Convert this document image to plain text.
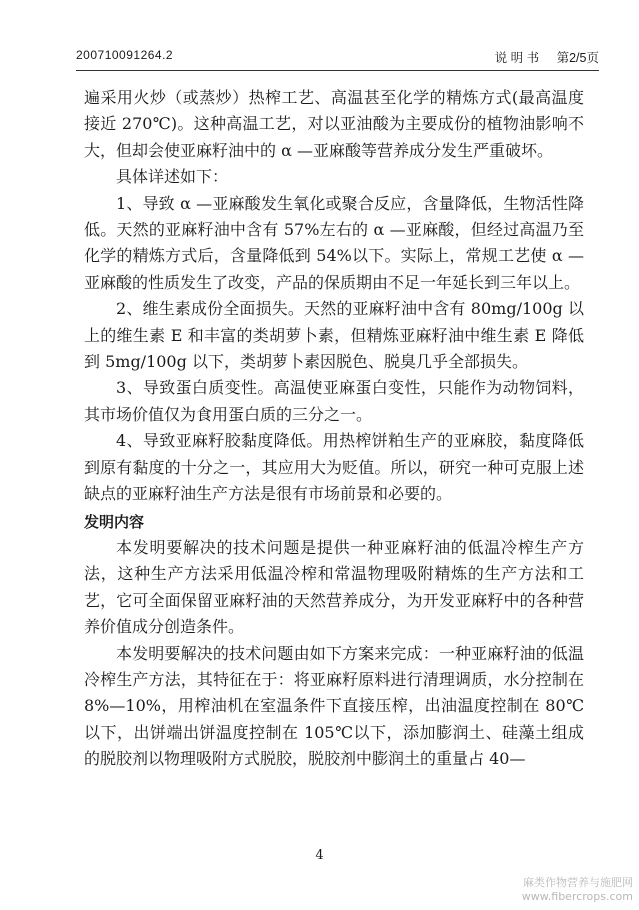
200710091264.2	说 明 书 第2/5页

遍采用火炒（或蒸炒）热榨工艺、高温甚至化学的精炼方式(最高温度接近 270℃)。这种高温工艺，对以亚油酸为主要成份的植物油影响不大，但却会使亚麻籽油中的 α —亚麻酸等营养成分发生严重破坏。

具体详述如下：

1、导致 α —亚麻酸发生氧化或聚合反应，含量降低，生物活性降低。天然的亚麻籽油中含有 57%左右的 α —亚麻酸，但经过高温乃至化学的精炼方式后，含量降低到 54%以下。实际上，常规工艺使 α —亚麻酸的性质发生了改变，产品的保质期由不足一年延长到三年以上。

2、维生素成份全面损失。天然的亚麻籽油中含有 80mg/100g 以上的维生素 E 和丰富的类胡萝卜素，但精炼亚麻籽油中维生素 E 降低到 5mg/100g 以下，类胡萝卜素因脱色、脱臭几乎全部损失。

3、导致蛋白质变性。高温使亚麻蛋白变性，只能作为动物饲料，其市场价值仅为食用蛋白质的三分之一。

4、导致亚麻籽胶黏度降低。用热榨饼粕生产的亚麻胶，黏度降低到原有黏度的十分之一，其应用大为贬值。所以，研究一种可克服上述缺点的亚麻籽油生产方法是很有市场前景和必要的。

发明内容

本发明要解决的技术问题是提供一种亚麻籽油的低温冷榨生产方法，这种生产方法采用低温冷榨和常温物理吸附精炼的生产方法和工艺，它可全面保留亚麻籽油的天然营养成分，为开发亚麻籽中的各种营养价值成分创造条件。

本发明要解决的技术问题由如下方案来完成：一种亚麻籽油的低温冷榨生产方法，其特征在于：将亚麻籽原料进行清理调质，水分控制在 8%—10%，用榨油机在室温条件下直接压榨，出油温度控制在 80℃以下，出饼端出饼温度控制在 105℃以下，添加膨润土、硅藻土组成的脱胶剂以物理吸附方式脱胶，脱胶剂中膨润土的重量占 40—

4
麻类作物营养与施肥网
www.fibercrops.com
